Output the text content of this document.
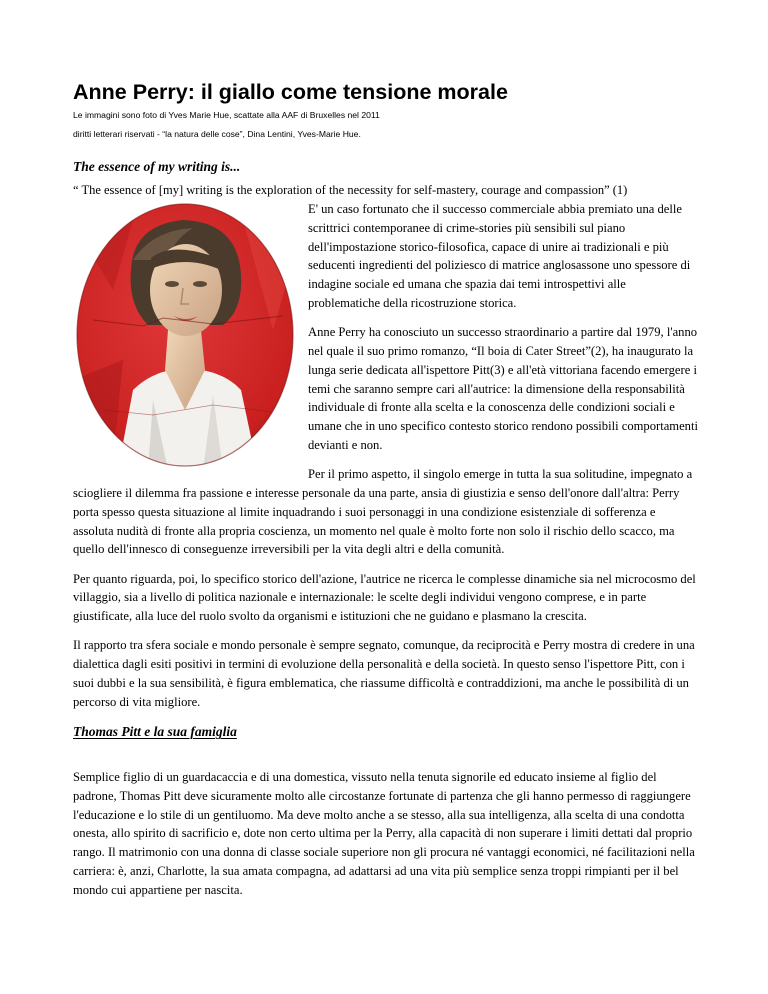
Anne Perry: il giallo come tensione morale

Le immagini sono foto di Yves Marie Hue, scattate alla AAF di Bruxelles nel 2011

diritti letterari riservati - “la natura delle cose”, Dina Lentini, Yves-Marie Hue.

The essence of my writing is...

“ The essence of [my] writing is the exploration of the necessity for self-mastery, courage and compassion” (1)

E' un caso fortunato che il successo commerciale abbia premiato una delle scrittrici contemporanee di crime-stories più sensibili sul piano dell'impostazione storico-filosofica, capace di unire ai tradizionali e più seducenti ingredienti del poliziesco di matrice anglosassone uno spessore di indagine sociale ed umana che spazia dai temi introspettivi alle problematiche della ricostruzione storica.

Anne Perry ha conosciuto un successo straordinario a partire dal 1979, l'anno nel quale il suo primo romanzo, “Il boia di Cater Street”(2), ha inaugurato la lunga serie dedicata all'ispettore Pitt(3) e all'età vittoriana facendo emergere i temi che saranno sempre cari all'autrice: la dimensione della responsabilità individuale di fronte alla scelta e la conoscenza delle condizioni sociali e umane che in uno specifico contesto storico rendono possibili comportamenti devianti e non.

Per il primo aspetto, il singolo emerge in tutta la sua solitudine, impegnato a sciogliere il dilemma fra passione e interesse personale da una parte, ansia di giustizia e senso dell'onore dall'altra: Perry porta spesso questa situazione al limite inquadrando i suoi personaggi in una condizione esistenziale di sofferenza e assoluta nudità di fronte alla propria coscienza, un momento nel quale è molto forte non solo il rischio dello scacco, ma quello dell'innesco di conseguenze irreversibili per la vita degli altri e della comunità.

Per quanto riguarda, poi, lo specifico storico dell'azione, l'autrice ne ricerca le complesse dinamiche sia nel microcosmo del villaggio, sia a livello di politica nazionale e internazionale: le scelte degli individui vengono comprese, e in parte giustificate, alla luce del ruolo svolto da organismi e istituzioni che ne guidano e plasmano la crescita.

Il rapporto tra sfera sociale e mondo personale è sempre segnato, comunque, da reciprocità e Perry mostra di credere in una dialettica dagli esiti positivi in termini di evoluzione della personalità e della società. In questo senso l'ispettore Pitt, con i suoi dubbi e la sua sensibilità, è figura emblematica, che riassume difficoltà e contraddizioni, ma anche le possibilità di un percorso di vita migliore.

Thomas Pitt e la sua famiglia

Semplice figlio di un guardacaccia e di una domestica, vissuto nella tenuta signorile ed educato insieme al figlio del padrone, Thomas Pitt deve sicuramente molto alle circostanze fortunate di partenza che gli hanno permesso di raggiungere l'educazione e lo stile di un gentiluomo. Ma deve molto anche a se stesso, alla sua intelligenza, alla scelta di una condotta onesta, allo spirito di sacrificio e, dote non certo ultima per la Perry, alla capacità di non superare i limiti dettati dal proprio rango. Il matrimonio con una donna di classe sociale superiore non gli procura né vantaggi economici, né facilitazioni nella carriera: è, anzi, Charlotte, la sua amata compagna, ad adattarsi ad una vita più semplice senza troppi rimpianti per il bel mondo cui appartiene per nascita.
